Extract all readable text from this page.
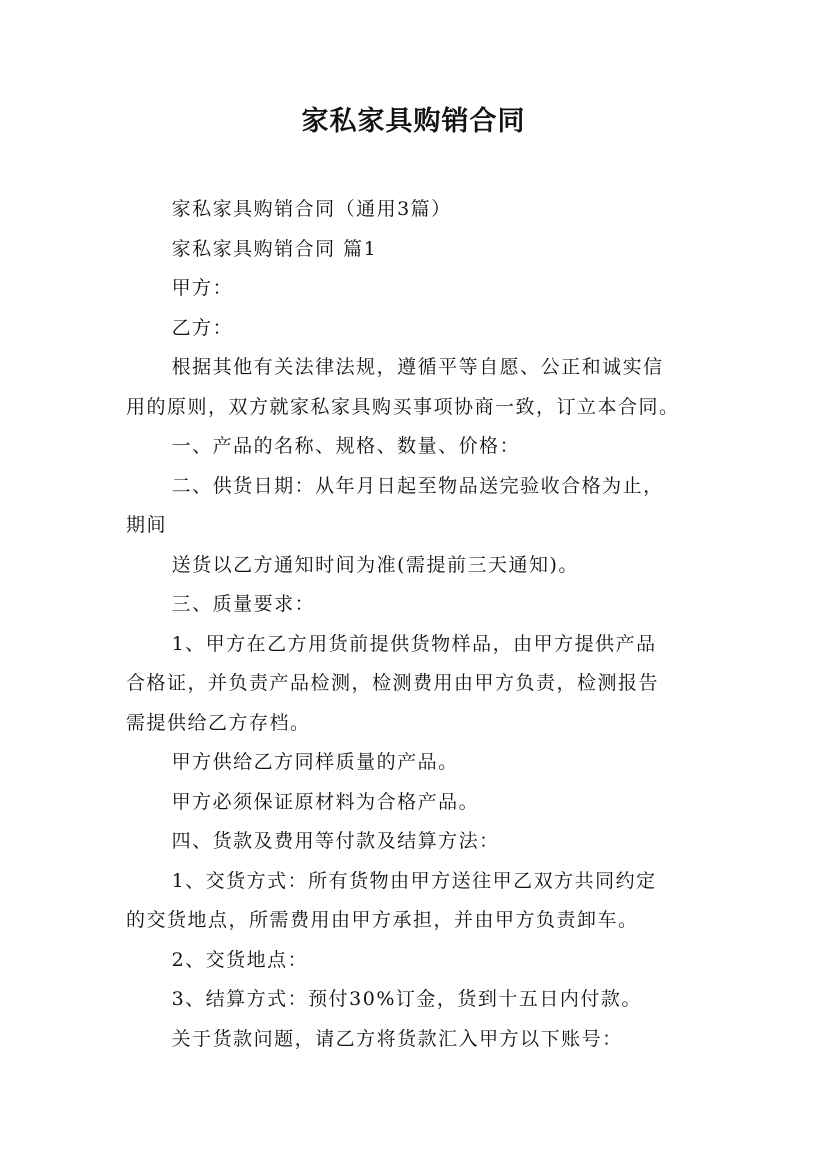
家私家具购销合同

家私家具购销合同（通用3篇）

家私家具购销合同 篇1

甲方：

乙方：

根据其他有关法律法规，遵循平等自愿、公正和诚实信
用的原则，双方就家私家具购买事项协商一致，订立本合同。

一、产品的名称、规格、数量、价格：

二、供货日期：从年月日起至物品送完验收合格为止，
期间

送货以乙方通知时间为准(需提前三天通知)。

三、质量要求：

1、甲方在乙方用货前提供货物样品，由甲方提供产品
合格证，并负责产品检测，检测费用由甲方负责，检测报告
需提供给乙方存档。

甲方供给乙方同样质量的产品。

甲方必须保证原材料为合格产品。

四、货款及费用等付款及结算方法：

1、交货方式：所有货物由甲方送往甲乙双方共同约定
的交货地点，所需费用由甲方承担，并由甲方负责卸车。

2、交货地点：

3、结算方式：预付30%订金，货到十五日内付款。

关于货款问题，请乙方将货款汇入甲方以下账号：
